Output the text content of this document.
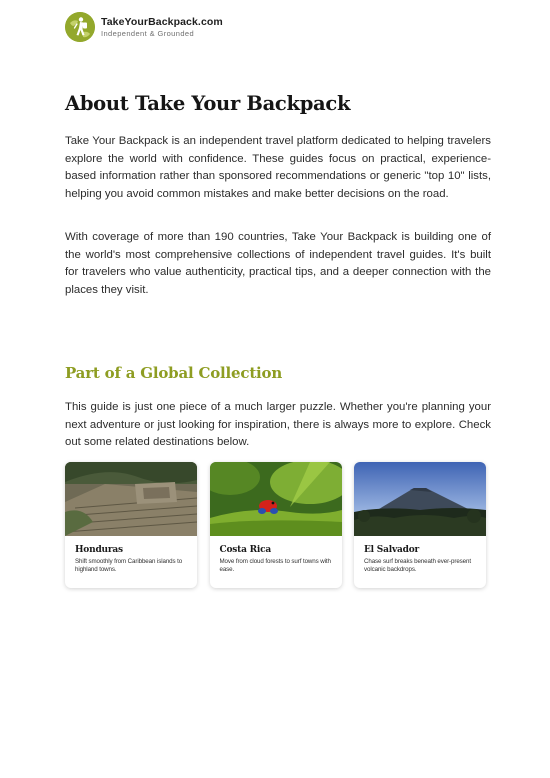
TakeYourBackpack.com
Independent & Grounded
About Take Your Backpack

Take Your Backpack is an independent travel platform dedicated to helping travelers explore the world with confidence. These guides focus on practical, experience-based information rather than sponsored recommendations or generic "top 10" lists, helping you avoid common mistakes and make better decisions on the road.

With coverage of more than 190 countries, Take Your Backpack is building one of the world's most comprehensive collections of independent travel guides. It's built for travelers who value authenticity, practical tips, and a deeper connection with the places they visit.

Part of a Global Collection

This guide is just one piece of a much larger puzzle. Whether you're planning your next adventure or just looking for inspiration, there is always more to explore. Check out some related destinations below.

Honduras
Shift smoothly from Caribbean islands to highland towns.
Costa Rica
Move from cloud forests to surf towns with ease.
El Salvador
Chase surf breaks beneath ever-present volcanic backdrops.
